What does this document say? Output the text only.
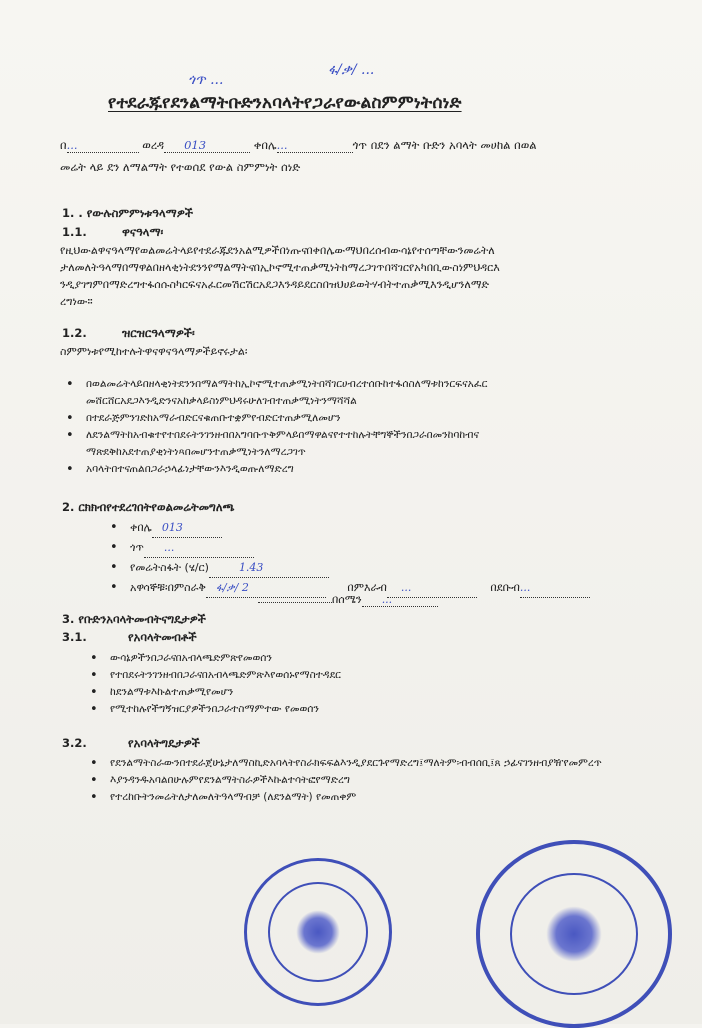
ጎጥ ...
ፋ/ቃ/ ...
የተደራጁየደንልማትቡድንአባላትየጋራየውልስምምነትሰነድ
በ...	ወረዳ 013	ቀበሌ...	ጎጥ በደን ልማት ቡድን አባላት መሀከል በወል
መሬት ላይ ደን ለማልማት የተወሰደ የውል ስምምነት ሰነድ
1. . የውሉስምምነቱዓላማዎች
1.1.	ዋናዓላማ፡
የዚህውልዋናዓላማየወልመሬትላይየተደራጁደንአልሚዎችበነጡናበቀበሌውማህበረሰብውሳኔየተሰጣቸውንመሬትለ
ታለመለትዓላማበማዋልበዘላቂነትደንንየማልማትናበኢኮኖሚተጠቃሚነትከማረጋገጥበሻገርየአካበቢውስነምህዳርእ
ንዲያገግምበማድረግተፋሰሱስካርፍናአፈርመሽርሽርአደጋእንዳይደርስበዝህሀይወትሃብትተጠቃሚእንዲሆንለማድ
ረግነው።
1.2.	ዝርዝርዓላማዎች፡
ስምምነቱየሚከተሉትዋናዋናዓላማዎችይኖሩታል፡
• በወልመሬትላይበዘላቂነትደንንበማልማትከኢኮኖሚተጠቃሚነትበሻገርሀብረተሰቡከተፋሰስለማቱከንርፍናአፈር መሸርሸርአደጋእንዲድንናአከቃላይስነምህዳሩሁለገብተጠቃሚነትንማሻሻል
• በተደራጅምንገድከአማራብድርናቁጠቡተቋምየብድርተጠቃሚለመሆን
• ለደንልማትከአብቁተየተበደሩትንገንዘብበአግባቡጥቅምላይበማዋልናየተተከሉትቸግኞችንበጋራበመንከባከብና ማጽደቅከአደተጠያቂነትነጻበመሆንተጠቃሚነትንለማረጋገጥ
• አባላትበተናጠልበጋራኃላፊነታቸውንእንዲወጡለማድረግ
2. ርክክብየተደረገበትየወልመሬትመግለጫ
• ቀበሌ 013
• ጎጥ ...
• የመሬትስፋት (ሄ/ር)	1.43
• አዋሳኞቹ፡በምስራቅ ፋ/ቃ/ 2	በምእራብ ...	በደቡብ...
በሰሜን ...
3. የቡድንአባላትመብትናግዴታዎች
3.1.	የአባላትመብቶች
• ውሳኔዎችንበጋራናበአብላጫድምጽየመወሰን
• የተበደሩትንገንዘብበጋራናበአብላጫድምጽእየወሰኑየማስተዳደር
• ከደንልማቱእኩልተጠቃሚየመሆን
• የሚተከሉየችግኝዝርያዎችንበጋራተስማምተው የመወሰን
3.2.	የአባላትግዴታዎች
• የደንልማትስራውንበተደራጀሁኔታለማስኪድአባላትየስራክፍፍልእንዲያደርጉየማድረግ፤ማለትም፡ብብሰቢ፤ጸ ኃፊናገንዘብያዥየመምረጥ
• እያንዳንዱአባልበሁሉምየደንልማትስራዎችእኩልተሳትፎየማድረግ
• የተረከቡትንመሬትለታለመለትዓላማብቻ (ለደንልማት) የመጠቀም
